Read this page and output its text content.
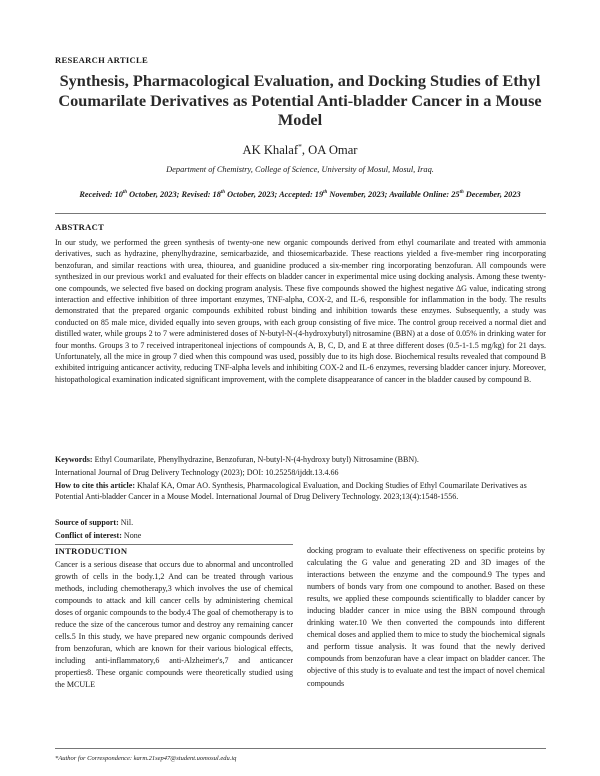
RESEARCH ARTICLE
Synthesis, Pharmacological Evaluation, and Docking Studies of Ethyl Coumarilate Derivatives as Potential Anti-bladder Cancer in a Mouse Model
AK Khalaf*, OA Omar
Department of Chemistry, College of Science, University of Mosul, Mosul, Iraq.
Received: 10th October, 2023; Revised: 18th October, 2023; Accepted: 19th November, 2023; Available Online: 25th December, 2023
ABSTRACT
In our study, we performed the green synthesis of twenty-one new organic compounds derived from ethyl coumarilate and treated with ammonia derivatives, such as hydrazine, phenylhydrazine, semicarbazide, and thiosemicarbazide. These reactions yielded a five-member ring incorporating benzofuran, and similar reactions with urea, thiourea, and guanidine produced a six-member ring incorporating benzofuran. All compounds were synthesized in our previous work1 and evaluated for their effects on bladder cancer in experimental mice using docking analysis. Among these twenty-one compounds, we selected five based on docking program analysis. These five compounds showed the highest negative ΔG value, indicating strong interaction and effective inhibition of three important enzymes, TNF-alpha, COX-2, and IL-6, responsible for inflammation in the body. The results demonstrated that the prepared organic compounds exhibited robust binding and inhibition towards these enzymes. Subsequently, a study was conducted on 85 male mice, divided equally into seven groups, with each group consisting of five mice. The control group received a normal diet and distilled water, while groups 2 to 7 were administered doses of N-butyl-N-(4-hydroxybutyl) nitrosamine (BBN) at a dose of 0.05% in drinking water for four months. Groups 3 to 7 received intraperitoneal injections of compounds A, B, C, D, and E at three different doses (0.5-1-1.5 mg/kg) for 21 days. Unfortunately, all the mice in group 7 died when this compound was used, possibly due to its high dose. Biochemical results revealed that compound B exhibited intriguing anticancer activity, reducing TNF-alpha levels and inhibiting COX-2 and IL-6 enzymes, reversing bladder cancer injury. Moreover, histopathological examination indicated significant improvement, with the complete disappearance of cancer in the bladder caused by compound B.
Keywords: Ethyl Coumarilate, Phenylhydrazine, Benzofuran, N-butyl-N-(4-hydroxy butyl) Nitrosamine (BBN).
International Journal of Drug Delivery Technology (2023); DOI: 10.25258/ijddt.13.4.66
How to cite this article: Khalaf KA, Omar AO. Synthesis, Pharmacological Evaluation, and Docking Studies of Ethyl Coumarilate Derivatives as Potential Anti-bladder Cancer in a Mouse Model. International Journal of Drug Delivery Technology. 2023;13(4):1548-1556.
Source of support: Nil.
Conflict of interest: None
INTRODUCTION
Cancer is a serious disease that occurs due to abnormal and uncontrolled growth of cells in the body.1,2 And can be treated through various methods, including chemotherapy,3 which involves the use of chemical compounds to attack and kill cancer cells by administering chemical doses of organic compounds to the body.4 The goal of chemotherapy is to reduce the size of the cancerous tumor and destroy any remaining cancer cells.5 In this study, we have prepared new organic compounds derived from benzofuran, which are known for their various biological effects, including anti-inflammatory,6 anti-Alzheimer's,7 and anticancer properties8. These organic compounds were theoretically studied using the MCULE
docking program to evaluate their effectiveness on specific proteins by calculating the G value and generating 2D and 3D images of the interactions between the enzyme and the compound.9 The types and numbers of bonds vary from one compound to another. Based on these results, we applied these compounds scientifically to bladder cancer by inducing bladder cancer in mice using the BBN compound through drinking water.10 We then converted the compounds into different chemical doses and applied them to mice to study the biochemical signals and perform tissue analysis. It was found that the newly derived compounds from benzofuran have a clear impact on bladder cancer. The objective of this study is to evaluate and test the impact of novel chemical compounds
*Author for Correspondence: karm.21sep47@student.uomosul.edu.iq
